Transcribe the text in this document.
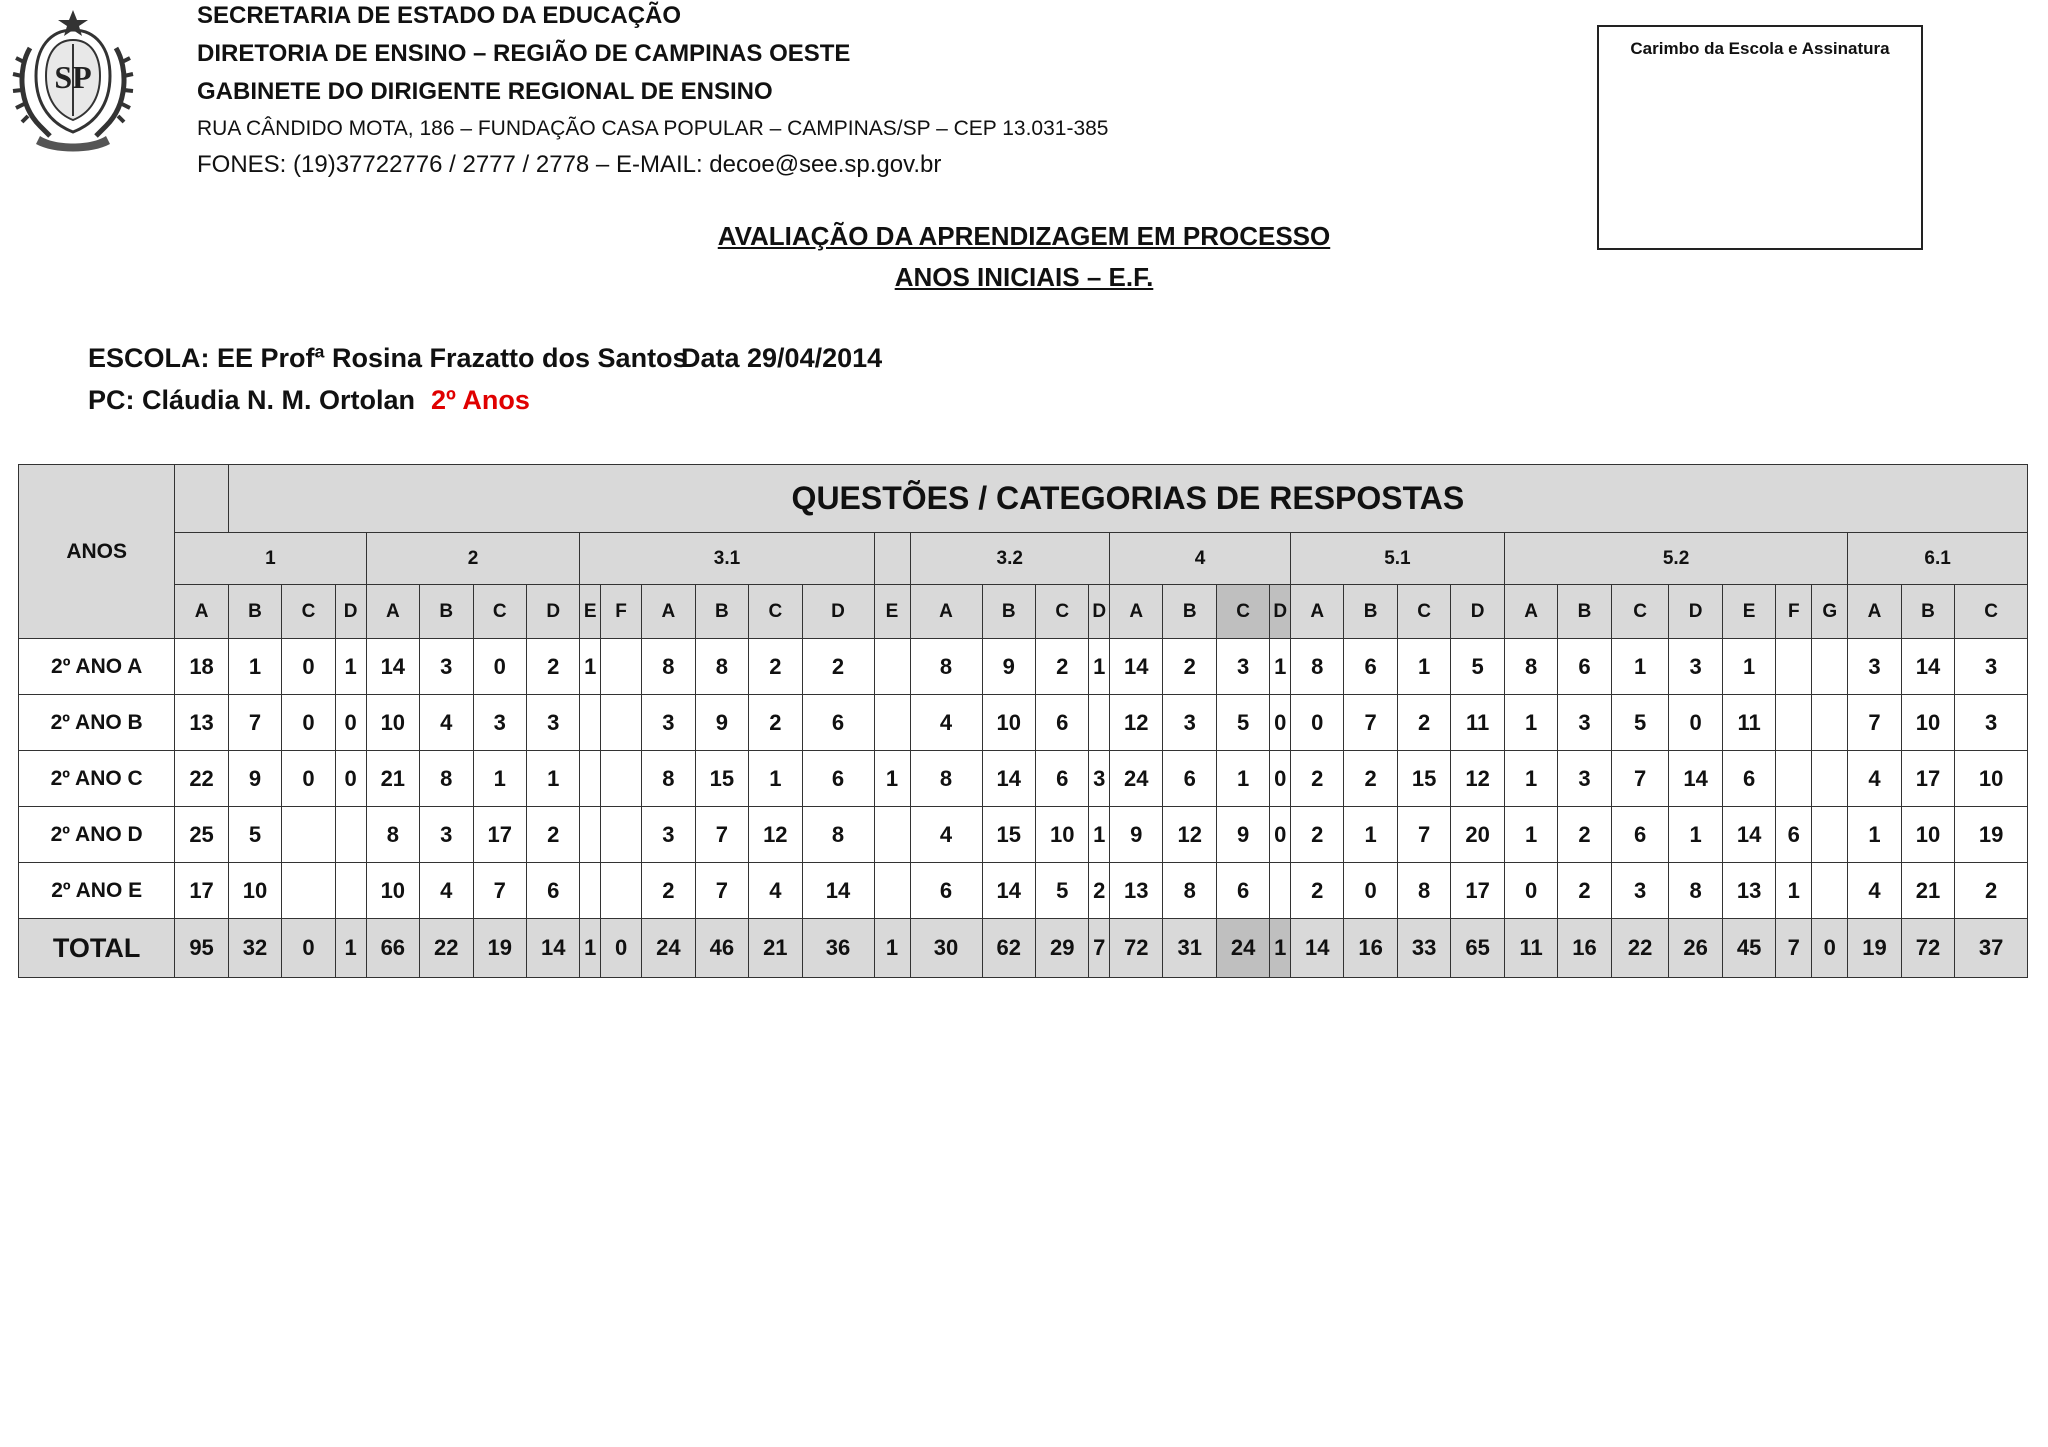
SP
SECRETARIA DE ESTADO DA EDUCAÇÃO
DIRETORIA DE ENSINO – REGIÃO DE CAMPINAS OESTE
GABINETE DO DIRIGENTE REGIONAL DE ENSINO
RUA CÂNDIDO MOTA, 186 – FUNDAÇÃO CASA POPULAR – CAMPINAS/SP – CEP 13.031-385
FONES: (19)37722776 / 2777 / 2778 – E-MAIL: decoe@see.sp.gov.br
Carimbo da Escola e Assinatura
AVALIAÇÃO DA APRENDIZAGEM EM PROCESSO
ANOS INICIAIS – E.F.
ESCOLA: EE Profª Rosina Frazatto dos Santos
Data 29/04/2014
PC: Cláudia N. M. Ortolan 2º Anos
ANOS		QUESTÕES / CATEGORIAS DE RESPOSTAS																																			
	1				2				3.1							3.2				4				5.1				5.2							6.1		
	A	B	C	D	A	B	C	D	E	F	A	B	C	D	E	A	B	C	D	A	B	C	D	A	B	C	D	A	B	C	D	E	F	G	A	B	C
2º ANO A	18	1	0	1	14	3	0	2	1		8	8	2	2		8	9	2	1	14	2	3	1	8	6	1	5	8	6	1	3	1			3	14	3
2º ANO B	13	7	0	0	10	4	3	3			3	9	2	6		4	10	6		12	3	5	0	0	7	2	11	1	3	5	0	11			7	10	3
2º ANO C	22	9	0	0	21	8	1	1			8	15	1	6	1	8	14	6	3	24	6	1	0	2	2	15	12	1	3	7	14	6			4	17	10
2º ANO D	25	5			8	3	17	2			3	7	12	8		4	15	10	1	9	12	9	0	2	1	7	20	1	2	6	1	14	6		1	10	19
2º ANO E	17	10			10	4	7	6			2	7	4	14		6	14	5	2	13	8	6		2	0	8	17	0	2	3	8	13	1		4	21	2
TOTAL	95	32	0	1	66	22	19	14	1	0	24	46	21	36	1	30	62	29	7	72	31	24	1	14	16	33	65	11	16	22	26	45	7	0	19	72	37
